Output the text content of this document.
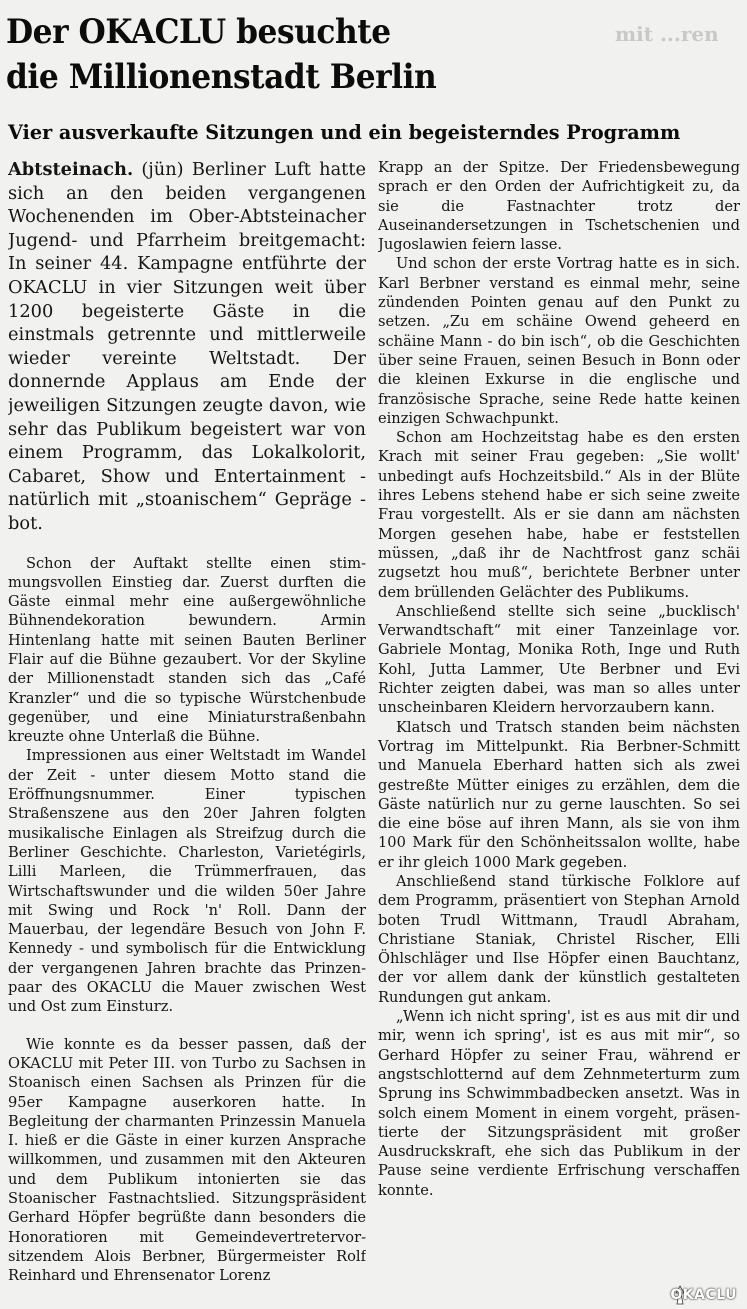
mit ...ren
Der OKACLU besuchte
die Millionenstadt Berlin
Vier ausverkaufte Sitzungen und ein begeisterndes Programm

Abtsteinach. (jün) Berliner Luft hatte sich an den beiden vergangenen Wochenenden im Ober-Abtsteinacher Jugend- und Pfarrheim breitgemacht: In seiner 44. Kampagne entführte der OKACLU in vier Sitzungen weit über 1200 begeisterte Gäste in die einstmals getrennte und mittlerweile wieder vereinte Weltstadt. Der donnernde Applaus am Ende der jeweiligen Sitzungen zeugte davon, wie sehr das Publikum begeistert war von einem Programm, das Lokalkolorit, Cabaret, Show und Entertainment - natürlich mit „stoanischem“ Gepräge - bot.

Schon der Auftakt stellte einen stimmungsvollen Einstieg dar. Zuerst durften die Gäste einmal mehr eine außergewöhnliche Bühnendekoration bewundern. Armin Hintenlang hatte mit seinen Bauten Berliner Flair auf die Bühne gezaubert. Vor der Skyline der Millionenstadt standen sich das „Café Kranzler“ und die so typische Würstchenbude gegenüber, und eine Miniaturstraßenbahn kreuzte ohne Unterlaß die Bühne.

Impressionen aus einer Weltstadt im Wandel der Zeit - unter diesem Motto stand die Eröffnungsnummer. Einer typischen Straßenszene aus den 20er Jahren folgten musikalische Einlagen als Streifzug durch die Berliner Geschichte. Charleston, Varietégirls, Lilli Marleen, die Trümmerfrauen, das Wirtschaftswunder und die wilden 50er Jahre mit Swing und Rock 'n' Roll. Dann der Mauerbau, der legendäre Besuch von John F. Kennedy - und symbolisch für die Entwicklung der vergangenen Jahren brachte das Prinzenpaar des OKACLU die Mauer zwischen West und Ost zum Einsturz.

Wie konnte es da besser passen, daß der OKACLU mit Peter III. von Turbo zu Sachsen in Stoanisch einen Sachsen als Prinzen für die 95er Kampagne auserkoren hatte. In Begleitung der charmanten Prinzessin Manuela I. hieß er die Gäste in einer kurzen Ansprache willkommen, und zusammen mit den Akteuren und dem Publikum intonierten sie das Stoanischer Fastnachtslied. Sitzungspräsident Gerhard Höpfer begrüßte dann besonders die Honoratioren mit Gemeindevertretervorsitzendem Alois Berbner, Bürgermeister Rolf Reinhard und Ehrensenator Lorenz

Krapp an der Spitze. Der Friedensbewegung sprach er den Orden der Aufrichtigkeit zu, da sie die Fastnachter trotz der Auseinandersetzungen in Tschetschenien und Jugoslawien feiern lasse.

Und schon der erste Vortrag hatte es in sich. Karl Berbner verstand es einmal mehr, seine zündenden Pointen genau auf den Punkt zu setzen. „Zu em schäine Owend geheerd en schäine Mann - do bin isch“, ob die Geschichten über seine Frauen, seinen Besuch in Bonn oder die kleinen Exkurse in die englische und französische Sprache, seine Rede hatte keinen einzigen Schwachpunkt.

Schon am Hochzeitstag habe es den ersten Krach mit seiner Frau gegeben: „Sie wollt' unbedingt aufs Hochzeitsbild.“ Als in der Blüte ihres Lebens stehend habe er sich seine zweite Frau vorgestellt. Als er sie dann am nächsten Morgen gesehen habe, habe er feststellen müssen, „daß ihr de Nachtfrost ganz schäi zugsetzt hou muß“, berichtete Berbner unter dem brüllenden Gelächter des Publikums.

Anschließend stellte sich seine „bucklisch' Verwandtschaft“ mit einer Tanzeinlage vor. Gabriele Montag, Monika Roth, Inge und Ruth Kohl, Jutta Lammer, Ute Berbner und Evi Richter zeigten dabei, was man so alles unter unscheinbaren Kleidern hervorzaubern kann.

Klatsch und Tratsch standen beim nächsten Vortrag im Mittelpunkt. Ria Berbner-Schmitt und Manuela Eberhard hatten sich als zwei gestreßte Mütter einiges zu erzählen, dem die Gäste natürlich nur zu gerne lauschten. So sei die eine böse auf ihren Mann, als sie von ihm 100 Mark für den Schönheitssalon wollte, habe er ihr gleich 1000 Mark gegeben.

Anschließend stand türkische Folklore auf dem Programm, präsentiert von Stephan Arnold boten Trudl Wittmann, Traudl Abraham, Christiane Staniak, Christel Rischer, Elli Öhlschläger und Ilse Höpfer einen Bauchtanz, der vor allem dank der künstlich gestalteten Rundungen gut ankam.

„Wenn ich nicht spring', ist es aus mit dir und mir, wenn ich spring', ist es aus mit mir“, so Gerhard Höpfer zu seiner Frau, während er angstschlotternd auf dem Zehnmeterturm zum Sprung ins Schwimmbadbecken ansetzt. Was in solch einem Moment in einem vorgeht, präsentierte der Sitzungspräsident mit großer Ausdruckskraft, ehe sich das Publikum in der Pause seine verdiente Erfrischung verschaffen konnte.

OKACLU
